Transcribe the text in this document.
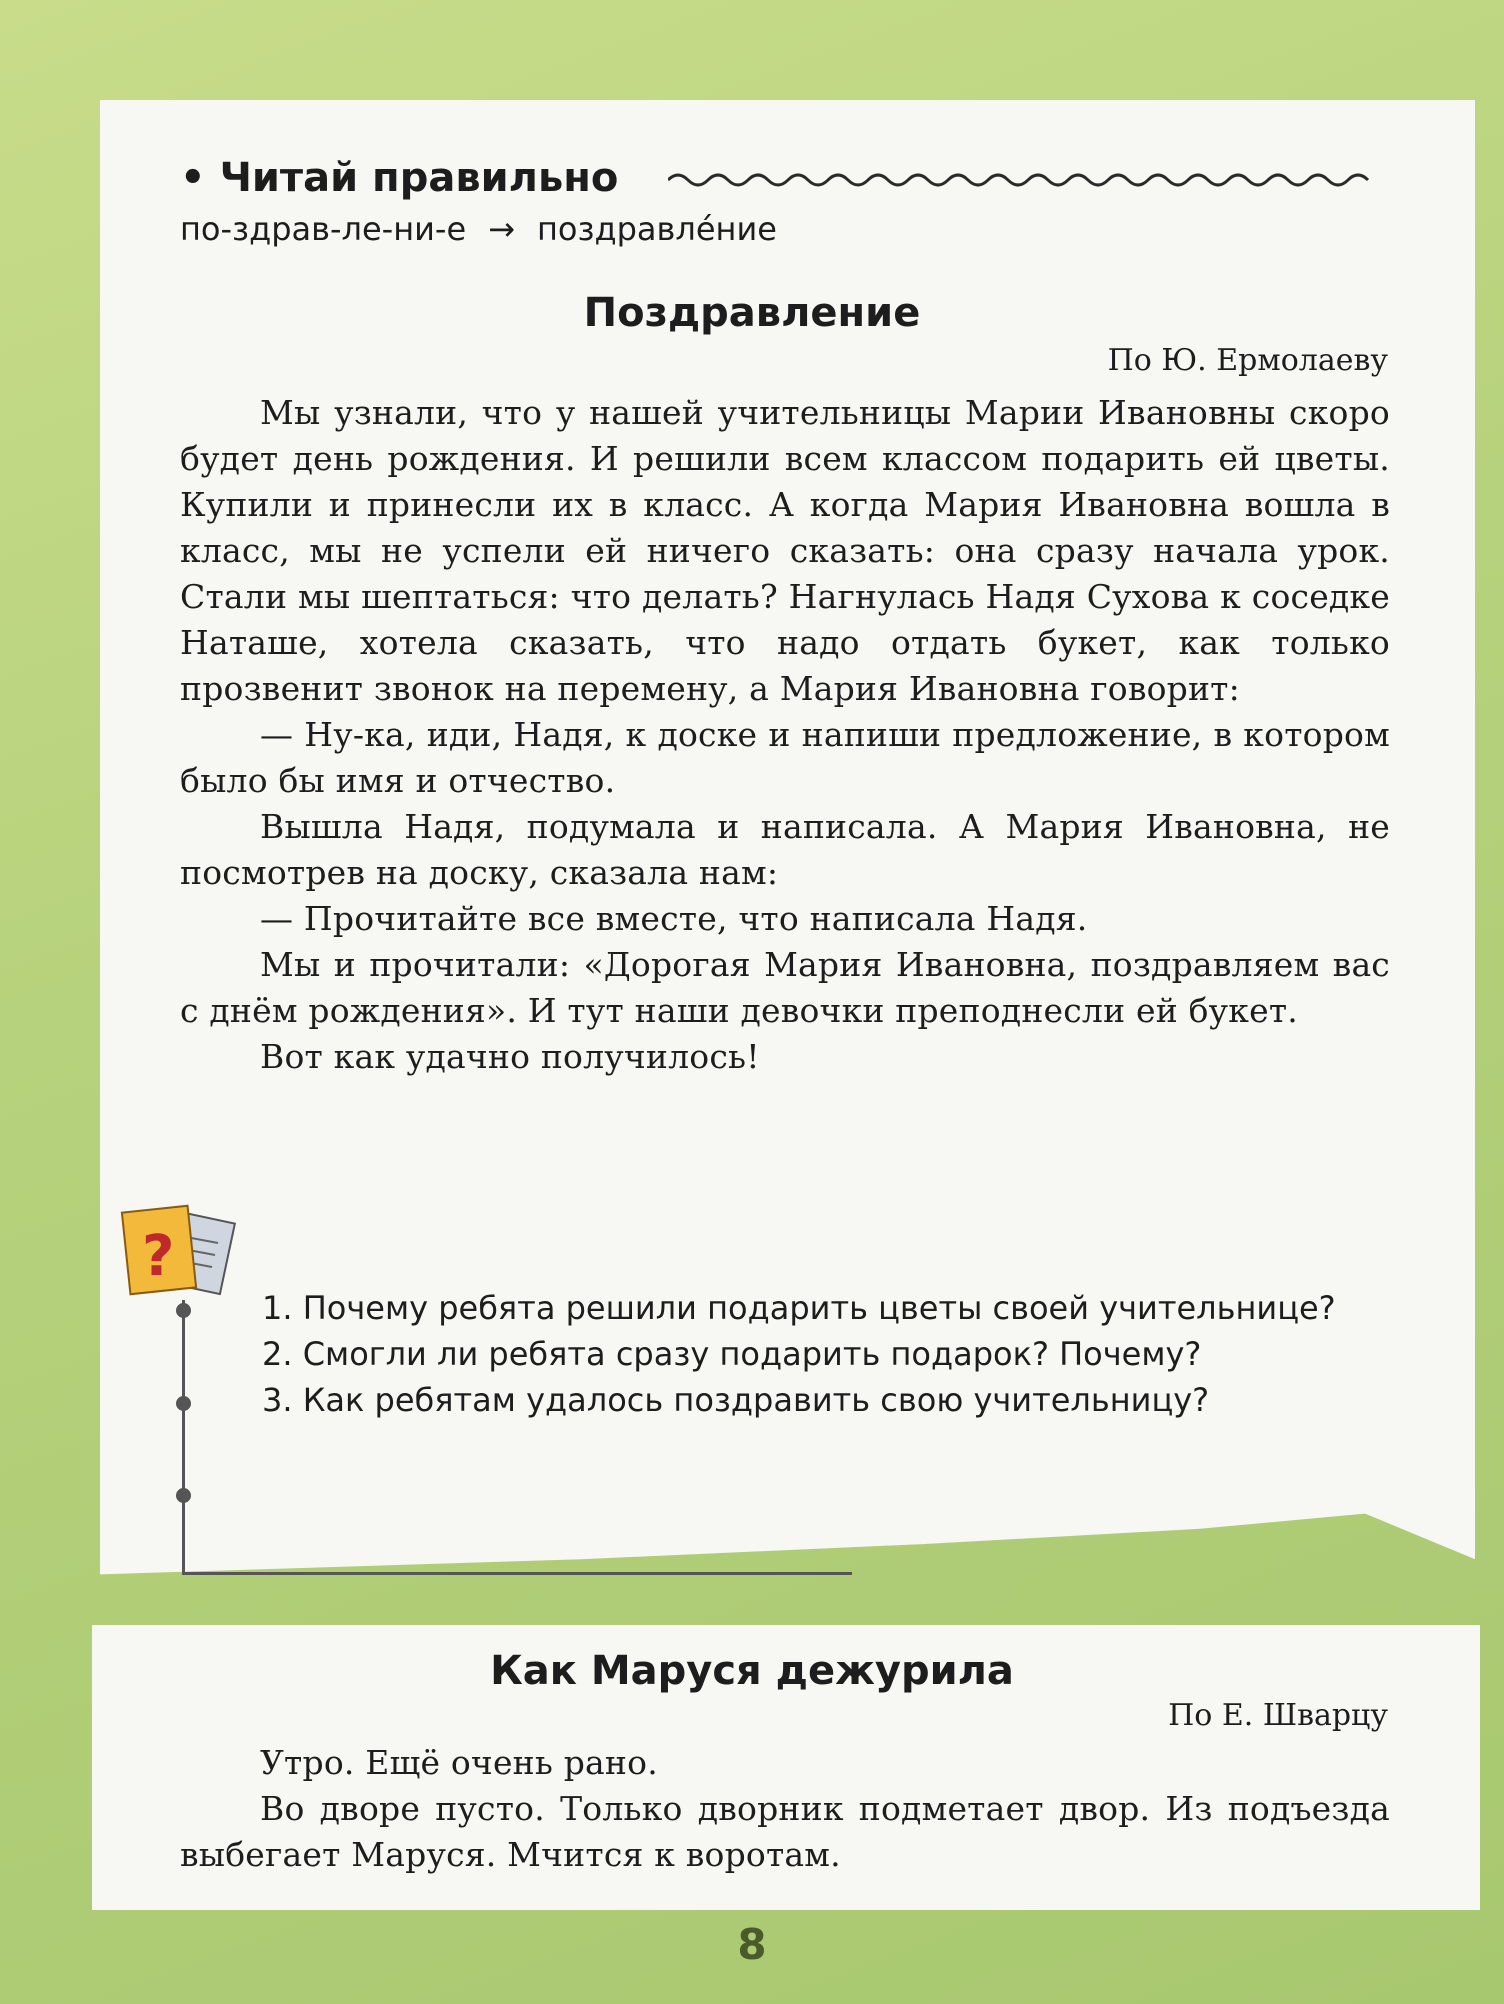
• Читай правильно
по-здрав-ле-ни-е → поздравле́ние
Поздравление
По Ю. Ермолаеву

Мы узнали, что у нашей учительницы Марии Ивановны скоро будет день рождения. И решили всем классом подарить ей цветы. Купили и принесли их в класс. А когда Мария Ивановна вошла в класс, мы не успели ей ничего сказать: она сразу начала урок. Стали мы шептаться: что делать? Нагнулась Надя Сухова к соседке Наташе, хотела сказать, что надо отдать букет, как только прозвенит звонок на перемену, а Мария Ивановна говорит:

— Ну-ка, иди, Надя, к доске и напиши предложение, в котором было бы имя и отчество.

Вышла Надя, подумала и написала. А Мария Ивановна, не посмотрев на доску, сказала нам:

— Прочитайте все вместе, что написала Надя.

Мы и прочитали: «Дорогая Мария Ивановна, поздравляем вас с днём рождения». И тут наши девочки преподнесли ей букет.

Вот как удачно получилось!

?

1. Почему ребята решили подарить цветы своей учительнице?

2. Смогли ли ребята сразу подарить подарок? Почему?

3. Как ребятам удалось поздравить свою учительницу?

Как Маруся дежурила
По Е. Шварцу

Утро. Ещё очень рано.

Во дворе пусто. Только дворник подметает двор. Из подъезда выбегает Маруся. Мчится к воротам.

8
